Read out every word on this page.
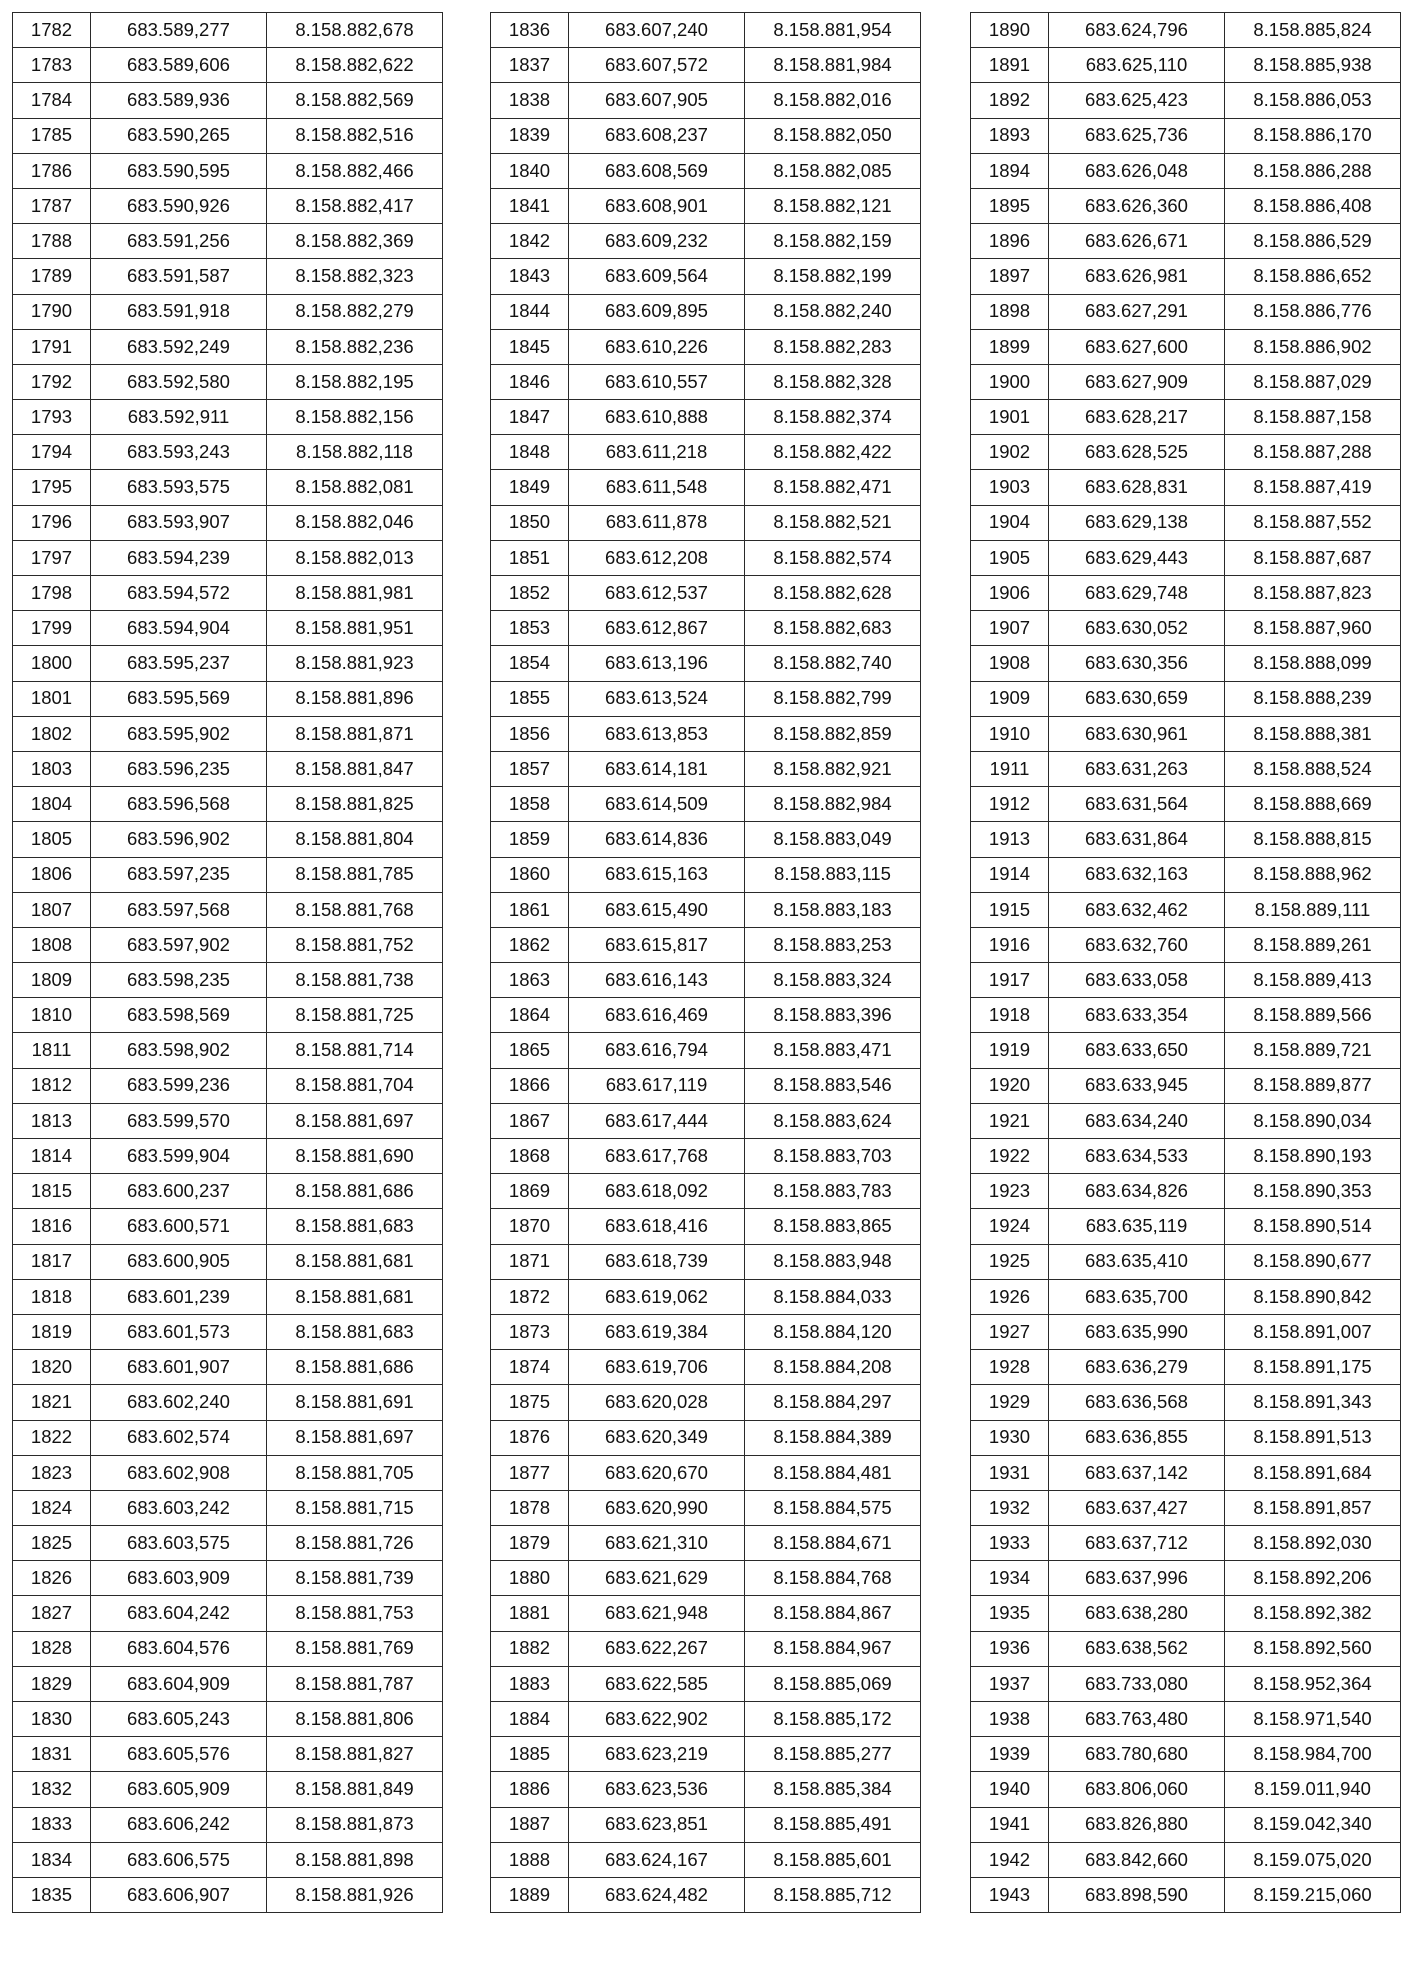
1782	683.589,277	8.158.882,678
1783	683.589,606	8.158.882,622
1784	683.589,936	8.158.882,569
1785	683.590,265	8.158.882,516
1786	683.590,595	8.158.882,466
1787	683.590,926	8.158.882,417
1788	683.591,256	8.158.882,369
1789	683.591,587	8.158.882,323
1790	683.591,918	8.158.882,279
1791	683.592,249	8.158.882,236
1792	683.592,580	8.158.882,195
1793	683.592,911	8.158.882,156
1794	683.593,243	8.158.882,118
1795	683.593,575	8.158.882,081
1796	683.593,907	8.158.882,046
1797	683.594,239	8.158.882,013
1798	683.594,572	8.158.881,981
1799	683.594,904	8.158.881,951
1800	683.595,237	8.158.881,923
1801	683.595,569	8.158.881,896
1802	683.595,902	8.158.881,871
1803	683.596,235	8.158.881,847
1804	683.596,568	8.158.881,825
1805	683.596,902	8.158.881,804
1806	683.597,235	8.158.881,785
1807	683.597,568	8.158.881,768
1808	683.597,902	8.158.881,752
1809	683.598,235	8.158.881,738
1810	683.598,569	8.158.881,725
1811	683.598,902	8.158.881,714
1812	683.599,236	8.158.881,704
1813	683.599,570	8.158.881,697
1814	683.599,904	8.158.881,690
1815	683.600,237	8.158.881,686
1816	683.600,571	8.158.881,683
1817	683.600,905	8.158.881,681
1818	683.601,239	8.158.881,681
1819	683.601,573	8.158.881,683
1820	683.601,907	8.158.881,686
1821	683.602,240	8.158.881,691
1822	683.602,574	8.158.881,697
1823	683.602,908	8.158.881,705
1824	683.603,242	8.158.881,715
1825	683.603,575	8.158.881,726
1826	683.603,909	8.158.881,739
1827	683.604,242	8.158.881,753
1828	683.604,576	8.158.881,769
1829	683.604,909	8.158.881,787
1830	683.605,243	8.158.881,806
1831	683.605,576	8.158.881,827
1832	683.605,909	8.158.881,849
1833	683.606,242	8.158.881,873
1834	683.606,575	8.158.881,898
1835	683.606,907	8.158.881,926
1836	683.607,240	8.158.881,954
1837	683.607,572	8.158.881,984
1838	683.607,905	8.158.882,016
1839	683.608,237	8.158.882,050
1840	683.608,569	8.158.882,085
1841	683.608,901	8.158.882,121
1842	683.609,232	8.158.882,159
1843	683.609,564	8.158.882,199
1844	683.609,895	8.158.882,240
1845	683.610,226	8.158.882,283
1846	683.610,557	8.158.882,328
1847	683.610,888	8.158.882,374
1848	683.611,218	8.158.882,422
1849	683.611,548	8.158.882,471
1850	683.611,878	8.158.882,521
1851	683.612,208	8.158.882,574
1852	683.612,537	8.158.882,628
1853	683.612,867	8.158.882,683
1854	683.613,196	8.158.882,740
1855	683.613,524	8.158.882,799
1856	683.613,853	8.158.882,859
1857	683.614,181	8.158.882,921
1858	683.614,509	8.158.882,984
1859	683.614,836	8.158.883,049
1860	683.615,163	8.158.883,115
1861	683.615,490	8.158.883,183
1862	683.615,817	8.158.883,253
1863	683.616,143	8.158.883,324
1864	683.616,469	8.158.883,396
1865	683.616,794	8.158.883,471
1866	683.617,119	8.158.883,546
1867	683.617,444	8.158.883,624
1868	683.617,768	8.158.883,703
1869	683.618,092	8.158.883,783
1870	683.618,416	8.158.883,865
1871	683.618,739	8.158.883,948
1872	683.619,062	8.158.884,033
1873	683.619,384	8.158.884,120
1874	683.619,706	8.158.884,208
1875	683.620,028	8.158.884,297
1876	683.620,349	8.158.884,389
1877	683.620,670	8.158.884,481
1878	683.620,990	8.158.884,575
1879	683.621,310	8.158.884,671
1880	683.621,629	8.158.884,768
1881	683.621,948	8.158.884,867
1882	683.622,267	8.158.884,967
1883	683.622,585	8.158.885,069
1884	683.622,902	8.158.885,172
1885	683.623,219	8.158.885,277
1886	683.623,536	8.158.885,384
1887	683.623,851	8.158.885,491
1888	683.624,167	8.158.885,601
1889	683.624,482	8.158.885,712
1890	683.624,796	8.158.885,824
1891	683.625,110	8.158.885,938
1892	683.625,423	8.158.886,053
1893	683.625,736	8.158.886,170
1894	683.626,048	8.158.886,288
1895	683.626,360	8.158.886,408
1896	683.626,671	8.158.886,529
1897	683.626,981	8.158.886,652
1898	683.627,291	8.158.886,776
1899	683.627,600	8.158.886,902
1900	683.627,909	8.158.887,029
1901	683.628,217	8.158.887,158
1902	683.628,525	8.158.887,288
1903	683.628,831	8.158.887,419
1904	683.629,138	8.158.887,552
1905	683.629,443	8.158.887,687
1906	683.629,748	8.158.887,823
1907	683.630,052	8.158.887,960
1908	683.630,356	8.158.888,099
1909	683.630,659	8.158.888,239
1910	683.630,961	8.158.888,381
1911	683.631,263	8.158.888,524
1912	683.631,564	8.158.888,669
1913	683.631,864	8.158.888,815
1914	683.632,163	8.158.888,962
1915	683.632,462	8.158.889,111
1916	683.632,760	8.158.889,261
1917	683.633,058	8.158.889,413
1918	683.633,354	8.158.889,566
1919	683.633,650	8.158.889,721
1920	683.633,945	8.158.889,877
1921	683.634,240	8.158.890,034
1922	683.634,533	8.158.890,193
1923	683.634,826	8.158.890,353
1924	683.635,119	8.158.890,514
1925	683.635,410	8.158.890,677
1926	683.635,700	8.158.890,842
1927	683.635,990	8.158.891,007
1928	683.636,279	8.158.891,175
1929	683.636,568	8.158.891,343
1930	683.636,855	8.158.891,513
1931	683.637,142	8.158.891,684
1932	683.637,427	8.158.891,857
1933	683.637,712	8.158.892,030
1934	683.637,996	8.158.892,206
1935	683.638,280	8.158.892,382
1936	683.638,562	8.158.892,560
1937	683.733,080	8.158.952,364
1938	683.763,480	8.158.971,540
1939	683.780,680	8.158.984,700
1940	683.806,060	8.159.011,940
1941	683.826,880	8.159.042,340
1942	683.842,660	8.159.075,020
1943	683.898,590	8.159.215,060
